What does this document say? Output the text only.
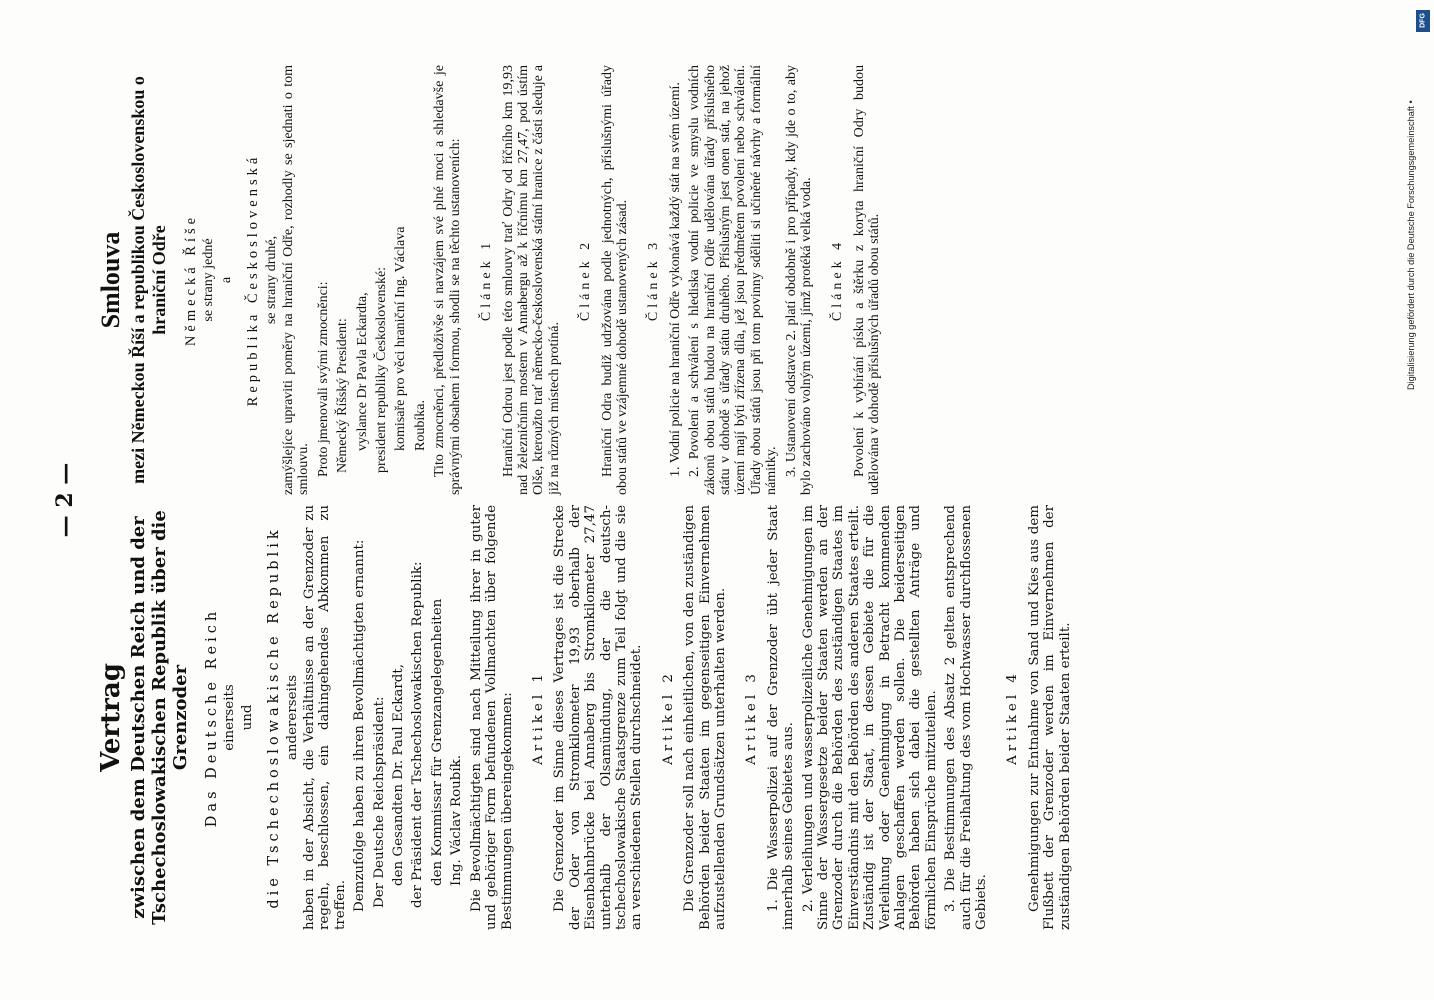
— 2 —
Vertrag zwischen dem Deutschen Reich und der Tschechoslowakischen Republik über die Grenzoder Das Deutsche Reich einerseits und die Tschechoslowakische Republik andererseits haben in der Absicht, die Verhältnisse an der Grenzoder zu regeln, beschlossen, ein dahingehendes Abkommen zu treffen. Demzufolge haben zu ihren Bevollmächtigten ernannt: Der Deutsche Reichspräsident: den Gesandten Dr. Paul Eckardt, der Präsident der Tschechoslowakischen Republik: den Kommissar für Grenzangelegenheiten Ing. Václav Roubík. Die Bevollmächtigten sind nach Mitteilung ihrer in guter und gehöriger Form befundenen Vollmachten über folgende Bestimmungen übereingekommen: Artikel 1 Die Grenzoder im Sinne dieses Vertrages ist die Strecke der Oder von Stromkilometer 19,93 oberhalb der Eisenbahnbrücke bei Annaberg bis Stromkilometer 27,47 unterhalb der Olsamündung, der die deutsch-tschechoslowakische Staatsgrenze zum Teil folgt und die sie an verschiedenen Stellen durchschneidet. Artikel 2 Die Grenzoder soll nach einheitlichen, von den zuständigen Behörden beider Staaten im gegenseitigen Einvernehmen aufzustellenden Grundsätzen unterhalten werden. Artikel 3 1. Die Wasserpolizei auf der Grenzoder übt jeder Staat innerhalb seines Gebietes aus. 2. Verleihungen und wasserpolizeiliche Genehmigungen im Sinne der Wassergesetze beider Staaten werden an der Grenzoder durch die Behörden des zuständigen Staates im Einverständnis mit den Behörden des anderen Staates erteilt. Zuständig ist der Staat, in dessen Gebiete die für die Verleihung oder Genehmigung in Betracht kommenden Anlagen geschaffen werden sollen. Die beiderseitigen Behörden haben sich dabei die gestellten Anträge und förmlichen Einsprüche mitzuteilen. 3. Die Bestimmungen des Absatz 2 gelten entsprechend auch für die Freihaltung des vom Hochwasser durchflossenen Gebiets.

Artikel 4 Genehmigungen zur Entnahme von Sand und Kies aus dem Flußbett der Grenzoder werden im Einvernehmen der zuständigen Behörden beider Staaten erteilt.

Smlouva mezi Německou Říší a republikou Československou o hraniční Odře Německá Říše se strany jedné a Republika Československá se strany druhé, zamýšlejíce upraviti poměry na hraniční Odře, rozhodly se sjednati o tom smlouvu. Proto jmenovali svými zmocněnci: Německý Říšský President: vyslance Dr Pavla Eckardta, president republiky Československé: komisaře pro věci hraniční Ing. Václava Roubíka. Tito zmocněnci, předloživše si navzájem své plné moci a shledavše je správnými obsahem i formou, shodli se na těchto ustanoveních: Článek 1 Hraniční Odrou jest podle této smlouvy trať Odry od říčního km 19,93 nad železničním mostem v Annabergu až k říčnímu km 27,47, pod ústím Olše, kteroužto trať německo-československá státní hranice z části sleduje a již na různých místech protíná.

Článek 2 Hraniční Odra budiž udržována podle jednotných, příslušnými úřady obou států ve vzájemné dohodě ustanovených zásad. Článek 3 1. Vodní policie na hraniční Odře vykonává každý stát na svém území. 2. Povolení a schválení s hlediska vodní policie ve smyslu vodních zákonů obou států budou na hraniční Odře udělována úřady příslušného státu v dohodě s úřady státu druhého. Příslušným jest onen stát, na jehož území mají býti zřízena díla, jež jsou předmětem povolení nebo schválení. Úřady obou států jsou při tom povinny sděliti si učiněné návrhy a formální námitky. 3. Ustanovení odstavce 2. platí obdobně i pro případy, kdy jde o to, aby bylo zachováno volným území, jímž protéká velká voda. Článek 4 Povolení k vybírání písku a štěrku z koryta hraniční Odry budou udělována v dohodě příslušných úřadů obou států.

DFG
Digitalisierung gefördert durch die Deutsche Forschungsgemeinschaft •
